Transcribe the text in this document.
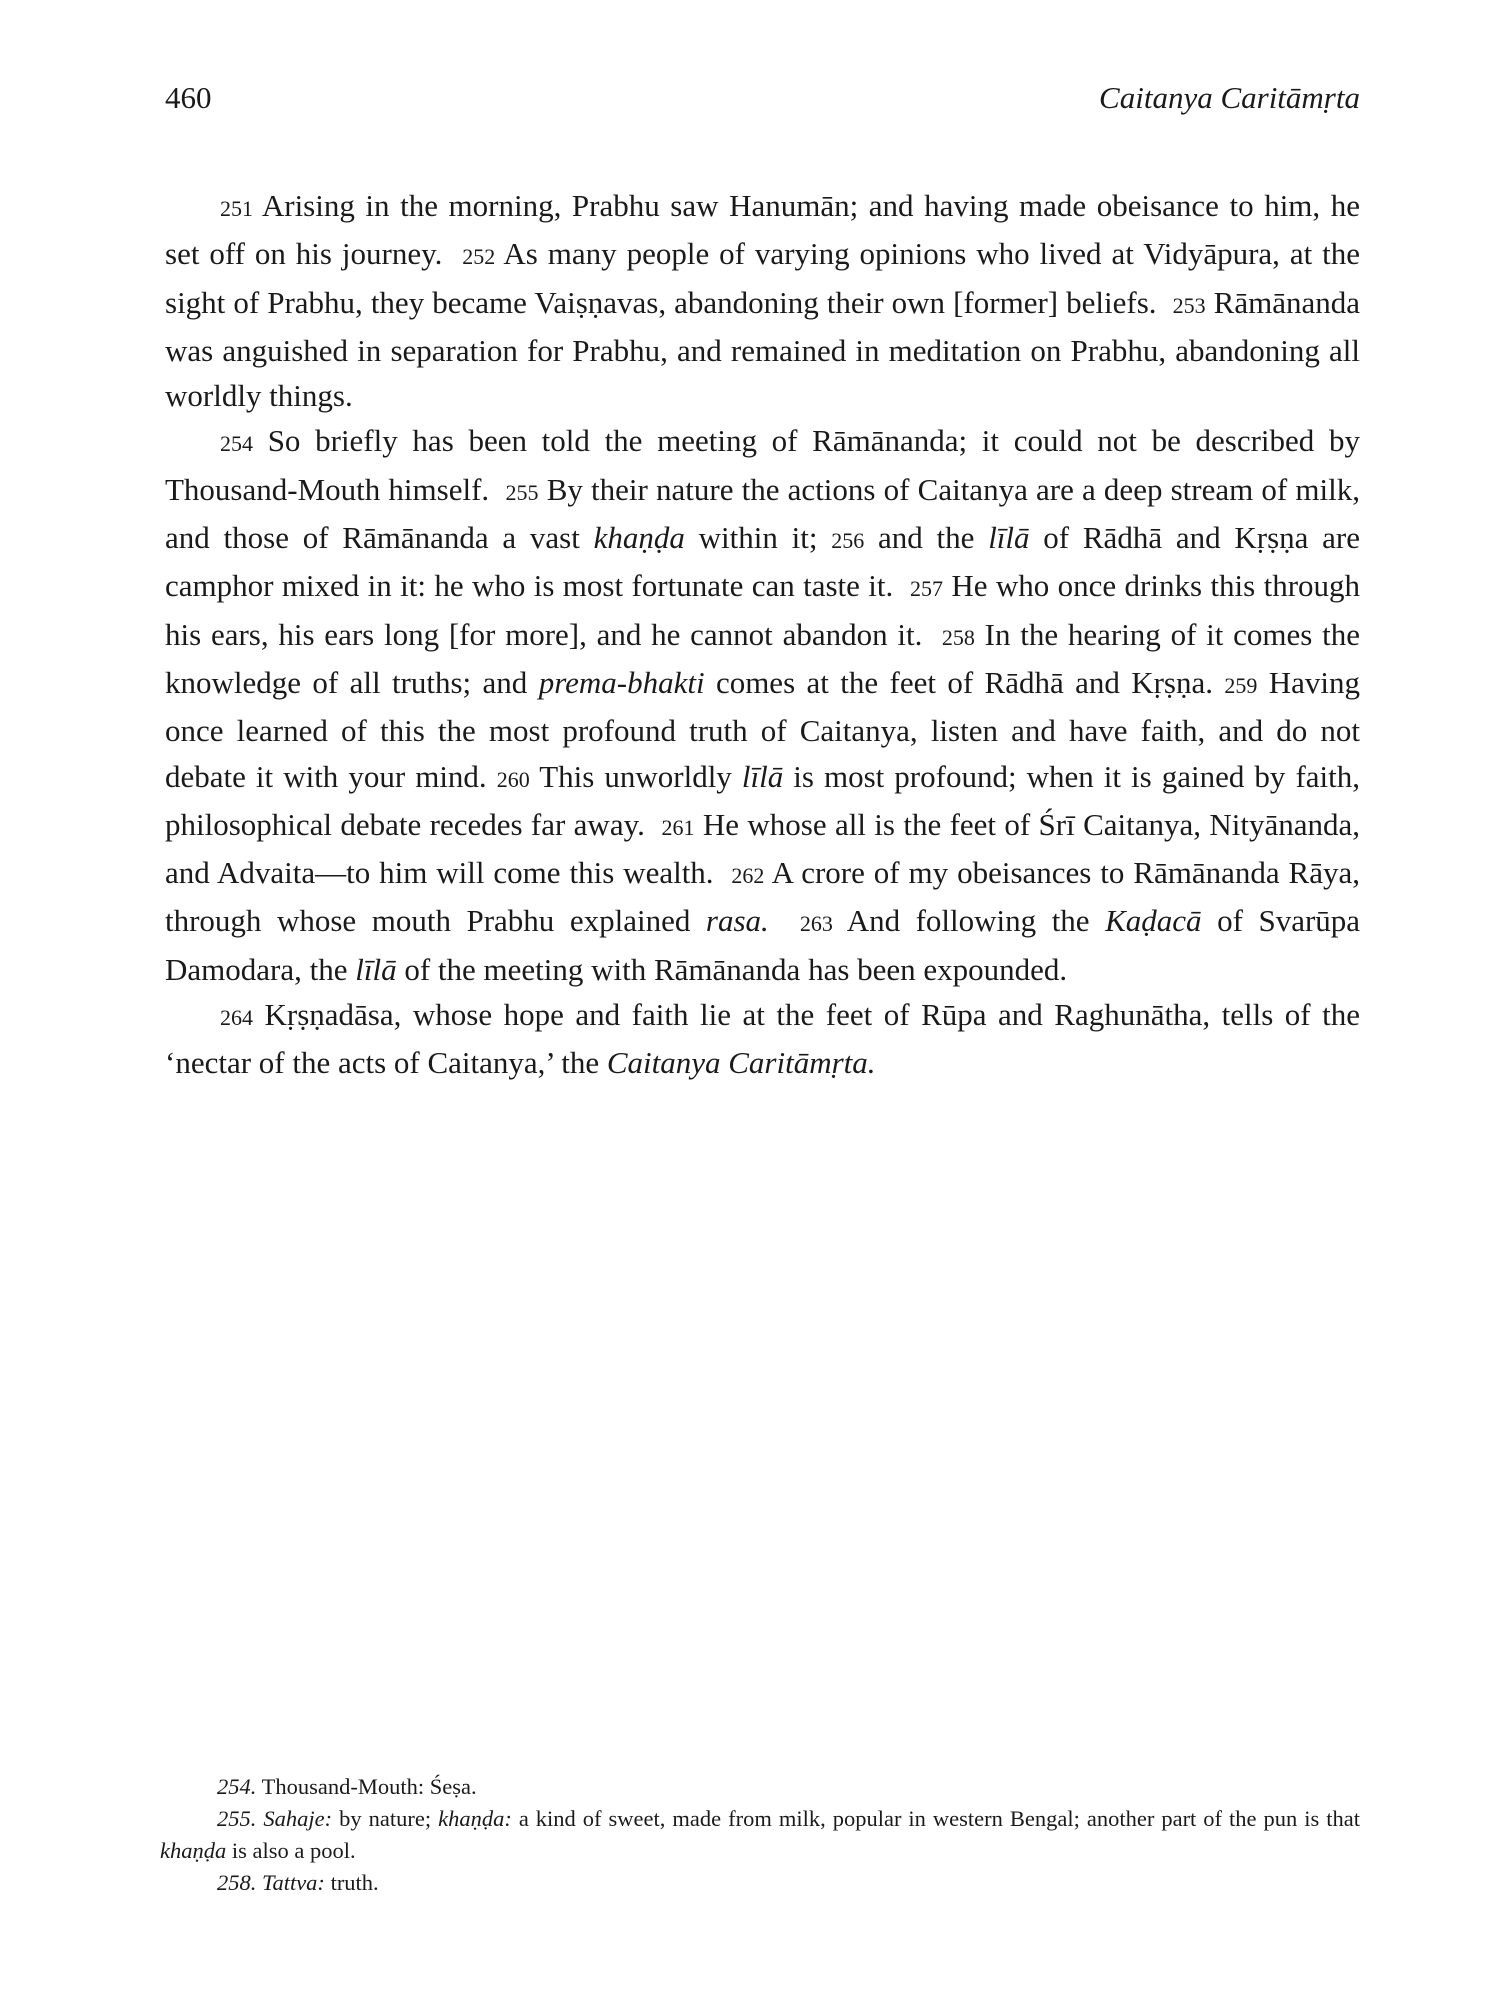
460	Caitanya Caritāmṛta

251 Arising in the morning, Prabhu saw Hanumān; and having made obeisance to him, he set off on his journey. 252 As many people of varying opinions who lived at Vidyāpura, at the sight of Prabhu, they became Vaiṣṇavas, abandoning their own [former] beliefs. 253 Rāmānanda was anguished in separation for Prabhu, and remained in meditation on Prabhu, abandoning all worldly things.

254 So briefly has been told the meeting of Rāmānanda; it could not be described by Thousand-Mouth himself. 255 By their nature the actions of Caitanya are a deep stream of milk, and those of Rāmānanda a vast khaṇḍa within it; 256 and the līlā of Rādhā and Kṛṣṇa are camphor mixed in it: he who is most fortunate can taste it. 257 He who once drinks this through his ears, his ears long [for more], and he cannot abandon it. 258 In the hearing of it comes the knowledge of all truths; and prema-bhakti comes at the feet of Rādhā and Kṛṣṇa. 259 Having once learned of this the most profound truth of Caitanya, listen and have faith, and do not debate it with your mind. 260 This unworldly līlā is most profound; when it is gained by faith, philosophical debate recedes far away. 261 He whose all is the feet of Śrī Caitanya, Nityānanda, and Advaita—to him will come this wealth. 262 A crore of my obeisances to Rāmānanda Rāya, through whose mouth Prabhu explained rasa. 263 And following the Kaḍacā of Svarūpa Damodara, the līlā of the meeting with Rāmānanda has been expounded.

264 Kṛṣṇadāsa, whose hope and faith lie at the feet of Rūpa and Raghunātha, tells of the ‘nectar of the acts of Caitanya,’ the Caitanya Caritāmṛta.

254. Thousand-Mouth: Śeṣa.

255. Sahaje: by nature; khaṇḍa: a kind of sweet, made from milk, popular in western Bengal; another part of the pun is that khaṇḍa is also a pool.

258. Tattva: truth.
